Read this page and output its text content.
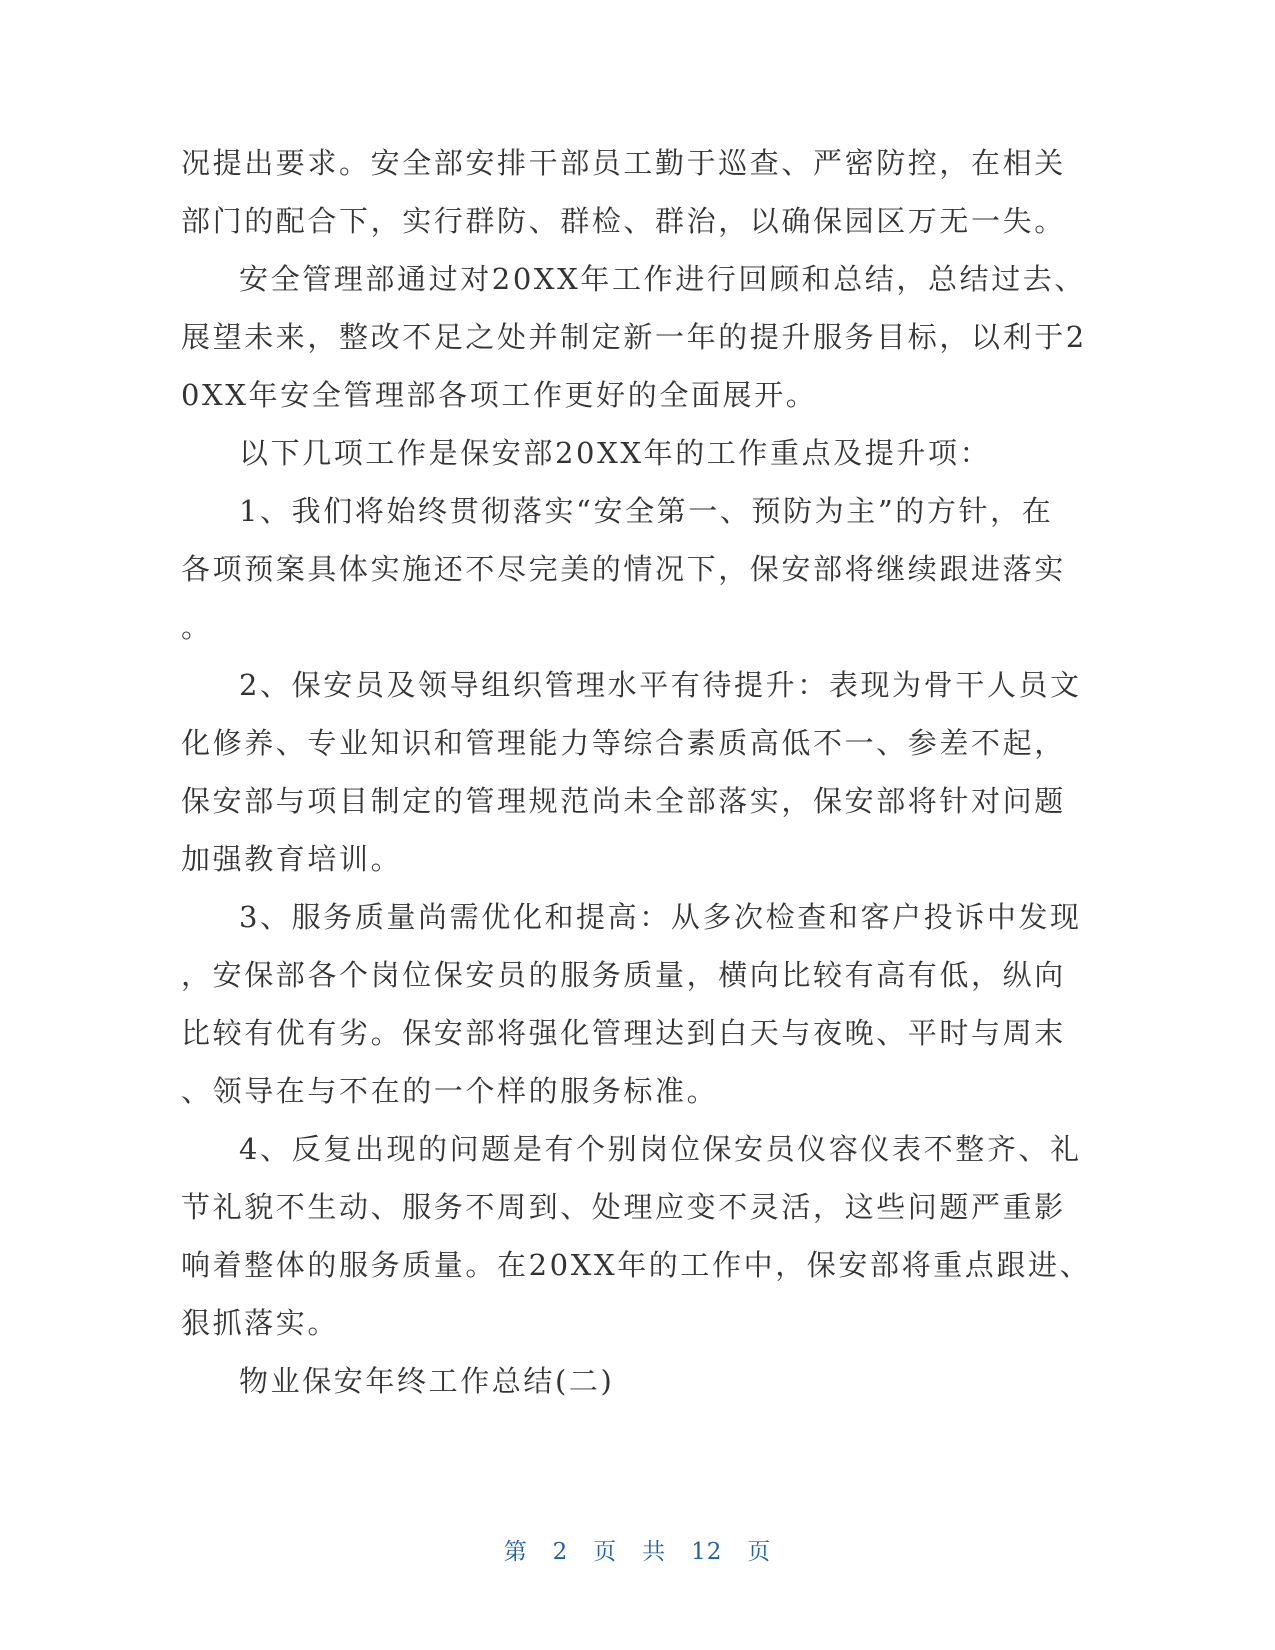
况提出要求。安全部安排干部员工勤于巡查、严密防控，在相关
部门的配合下，实行群防、群检、群治，以确保园区万无一失。
安全管理部通过对20XX年工作进行回顾和总结，总结过去、
展望未来，整改不足之处并制定新一年的提升服务目标，以利于2
0XX年安全管理部各项工作更好的全面展开。
以下几项工作是保安部20XX年的工作重点及提升项：
1、我们将始终贯彻落实“安全第一、预防为主”的方针，在
各项预案具体实施还不尽完美的情况下，保安部将继续跟进落实
。
2、保安员及领导组织管理水平有待提升：表现为骨干人员文
化修养、专业知识和管理能力等综合素质高低不一、参差不起，
保安部与项目制定的管理规范尚未全部落实，保安部将针对问题
加强教育培训。
3、服务质量尚需优化和提高：从多次检查和客户投诉中发现
，安保部各个岗位保安员的服务质量，横向比较有高有低，纵向
比较有优有劣。保安部将强化管理达到白天与夜晚、平时与周末
、领导在与不在的一个样的服务标准。
4、反复出现的问题是有个别岗位保安员仪容仪表不整齐、礼
节礼貌不生动、服务不周到、处理应变不灵活，这些问题严重影
响着整体的服务质量。在20XX年的工作中，保安部将重点跟进、
狠抓落实。
物业保安年终工作总结(二)
第 2 页 共 12 页
